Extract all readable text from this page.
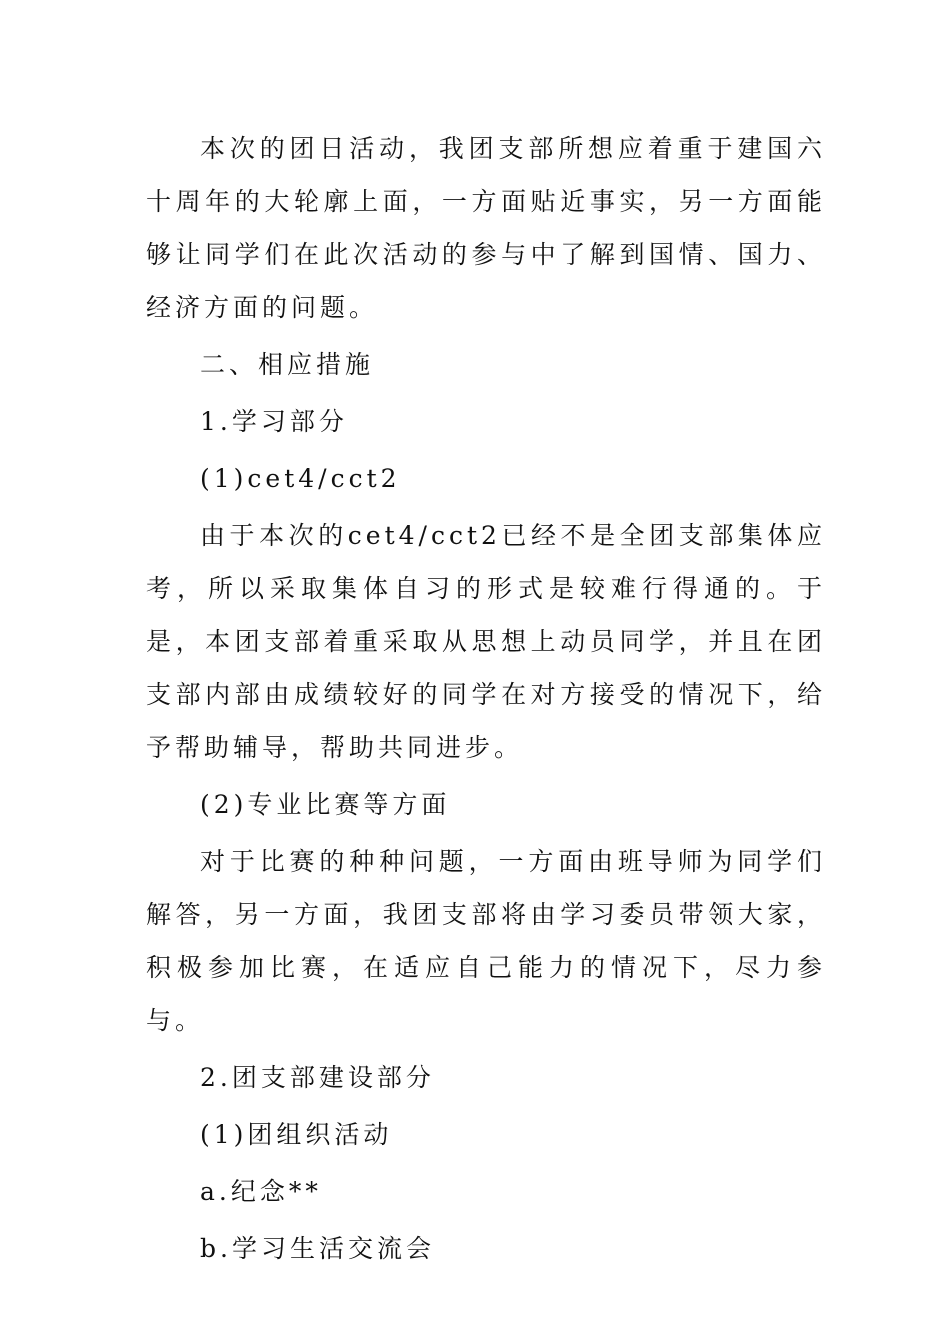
本次的团日活动，我团支部所想应着重于建国六十周年的大轮廓上面，一方面贴近事实，另一方面能够让同学们在此次活动的参与中了解到国情、国力、经济方面的问题。

二、相应措施

1.学习部分

(1)cet4/cct2

由于本次的cet4/cct2已经不是全团支部集体应考，所以采取集体自习的形式是较难行得通的。于是，本团支部着重采取从思想上动员同学，并且在团支部内部由成绩较好的同学在对方接受的情况下，给予帮助辅导，帮助共同进步。

(2)专业比赛等方面

对于比赛的种种问题，一方面由班导师为同学们解答，另一方面，我团支部将由学习委员带领大家，积极参加比赛，在适应自己能力的情况下，尽力参与。

2.团支部建设部分

(1)团组织活动

a.纪念**

b.学习生活交流会
